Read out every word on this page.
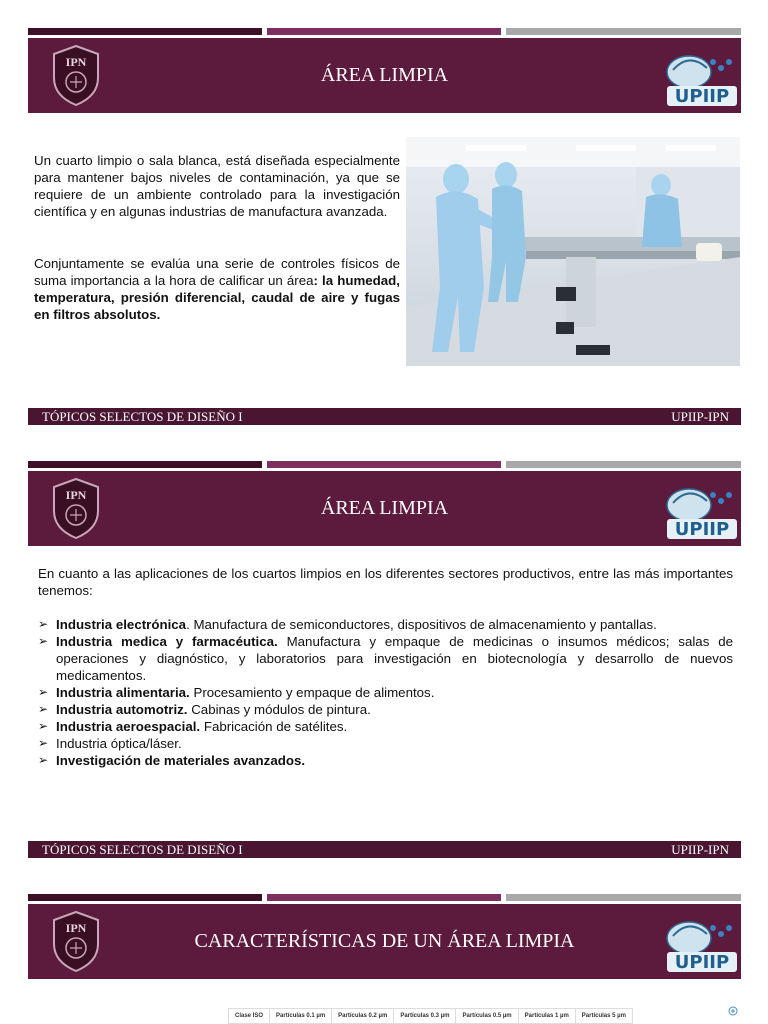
IPN
ÁREA LIMPIA
UPIIP
Un cuarto limpio o sala blanca, está diseñada especialmente para mantener bajos niveles de contaminación, ya que se requiere de un ambiente controlado para la investigación científica y en algunas industrias de manufactura avanzada.
Conjuntamente se evalúa una serie de controles físicos de suma importancia a la hora de calificar un área: la humedad, temperatura, presión diferencial, caudal de aire y fugas en filtros absolutos.
TÓPICOS SELECTOS DE DISEÑO I	UPIIP-IPN
IPN
ÁREA LIMPIA
UPIIP
En cuanto a las aplicaciones de los cuartos limpios en los diferentes sectores productivos, entre las más importantes tenemos:
➢ Industria electrónica. Manufactura de semiconductores, dispositivos de almacenamiento y pantallas.
➢ Industria medica y farmacéutica. Manufactura y empaque de medicinas o insumos médicos; salas de operaciones y diagnóstico, y laboratorios para investigación en biotecnología y desarrollo de nuevos medicamentos.
➢ Industria alimentaria. Procesamiento y empaque de alimentos.
➢ Industria automotriz. Cabinas y módulos de pintura.
➢ Industria aeroespacial. Fabricación de satélites.
➢ Industria óptica/láser.
➢ Investigación de materiales avanzados.
TÓPICOS SELECTOS DE DISEÑO I	UPIIP-IPN
IPN
CARACTERÍSTICAS DE UN ÁREA LIMPIA
UPIIP
Clase ISO	Partículas 0.1 µm	Partículas 0.2 µm	Partículas 0.3 µm	Partículas 0.5 µm	Partículas 1 µm	Partículas 5 µm
